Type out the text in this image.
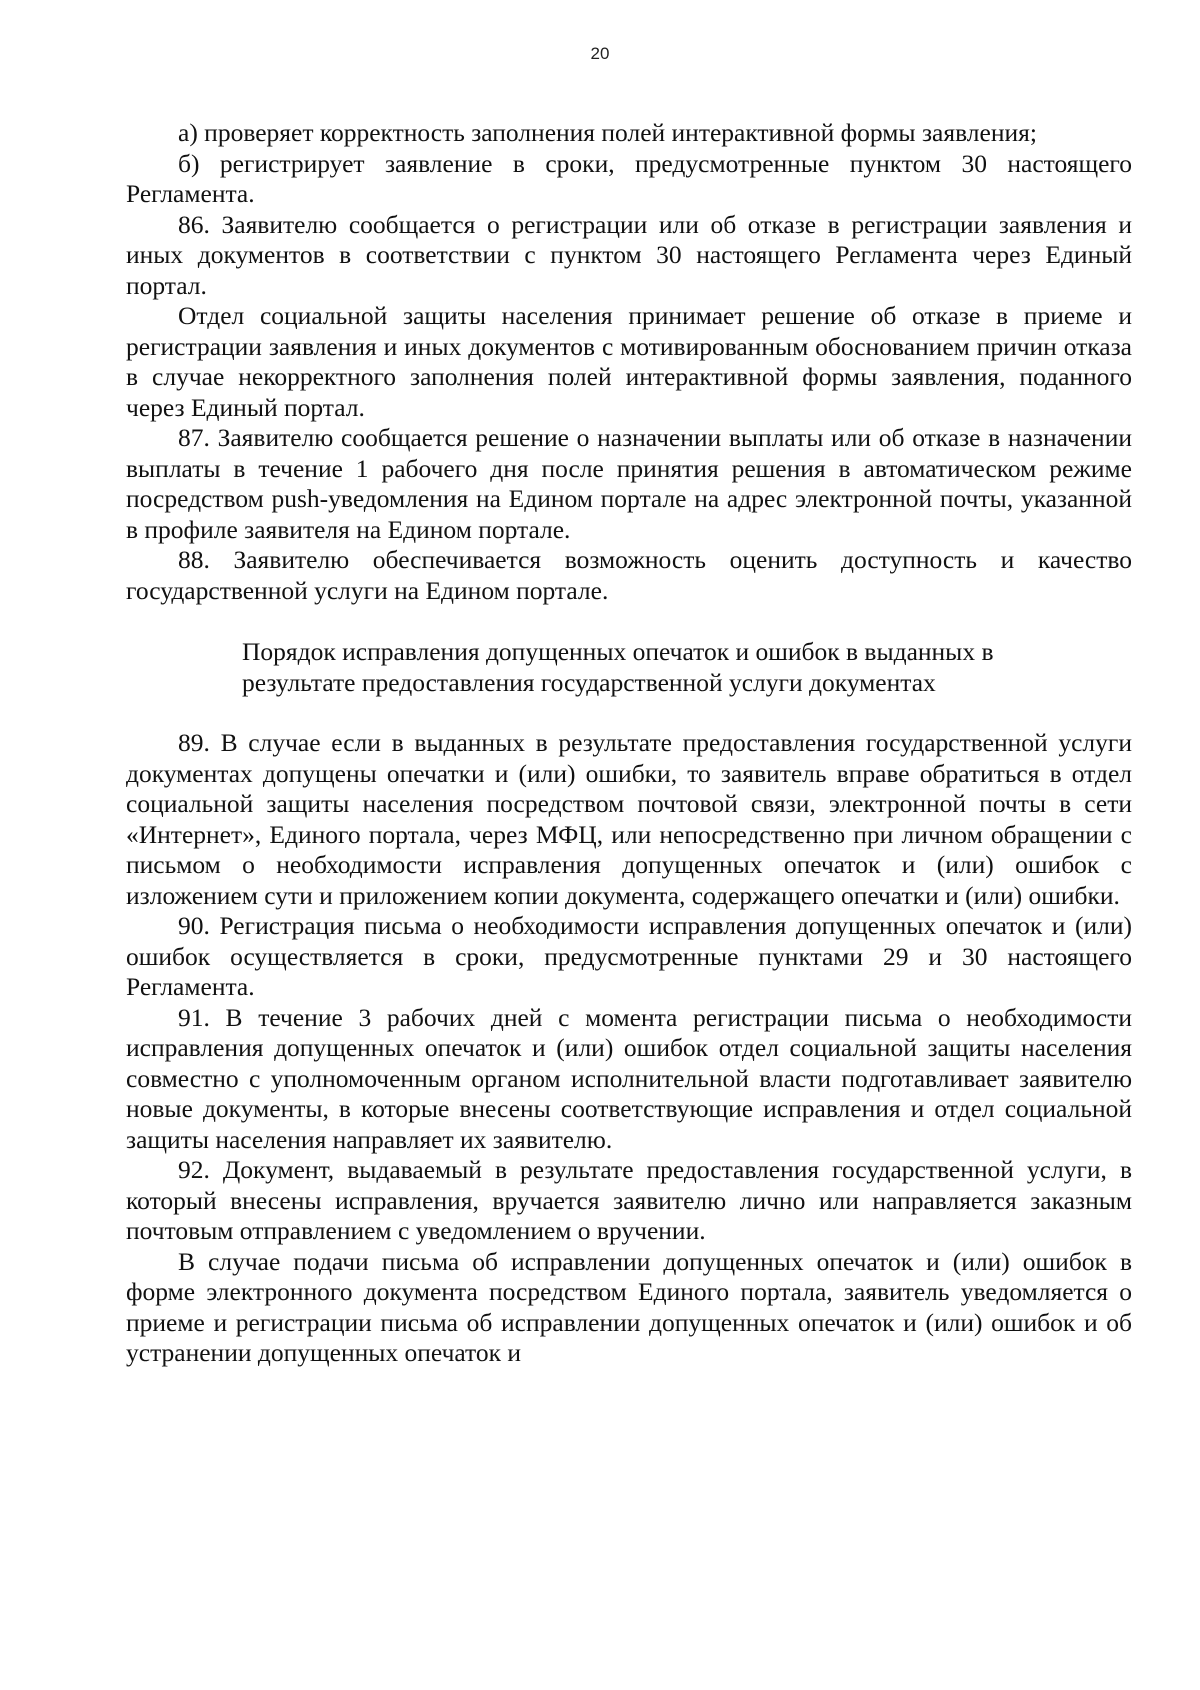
20

а) проверяет корректность заполнения полей интерактивной формы заявления;

б) регистрирует заявление в сроки, предусмотренные пунктом 30 настоящего Регламента.

86. Заявителю сообщается о регистрации или об отказе в регистрации заявления и иных документов в соответствии с пунктом 30 настоящего Регламента через Единый портал.

Отдел социальной защиты населения принимает решение об отказе в приеме и регистрации заявления и иных документов с мотивированным обоснованием причин отказа в случае некорректного заполнения полей интерактивной формы заявления, поданного через Единый портал.

87. Заявителю сообщается решение о назначении выплаты или об отказе в назначении выплаты в течение 1 рабочего дня после принятия решения в автоматическом режиме посредством push-уведомления на Едином портале на адрес электронной почты, указанной в профиле заявителя на Едином портале.

88. Заявителю обеспечивается возможность оценить доступность и качество государственной услуги на Едином портале.

Порядок исправления допущенных опечаток и ошибок в выданных в результате предоставления государственной услуги документах

89. В случае если в выданных в результате предоставления государственной услуги документах допущены опечатки и (или) ошибки, то заявитель вправе обратиться в отдел социальной защиты населения посредством почтовой связи, электронной почты в сети «Интернет», Единого портала, через МФЦ, или непосредственно при личном обращении с письмом о необходимости исправления допущенных опечаток и (или) ошибок с изложением сути и приложением копии документа, содержащего опечатки и (или) ошибки.

90. Регистрация письма о необходимости исправления допущенных опечаток и (или) ошибок осуществляется в сроки, предусмотренные пунктами 29 и 30 настоящего Регламента.

91. В течение 3 рабочих дней с момента регистрации письма о необходимости исправления допущенных опечаток и (или) ошибок отдел социальной защиты населения совместно с уполномоченным органом исполнительной власти подготавливает заявителю новые документы, в которые внесены соответствующие исправления и отдел социальной защиты населения направляет их заявителю.

92. Документ, выдаваемый в результате предоставления государственной услуги, в который внесены исправления, вручается заявителю лично или направляется заказным почтовым отправлением с уведомлением о вручении.

В случае подачи письма об исправлении допущенных опечаток и (или) ошибок в форме электронного документа посредством Единого портала, заявитель уведомляется о приеме и регистрации письма об исправлении допущенных опечаток и (или) ошибок и об устранении допущенных опечаток и
